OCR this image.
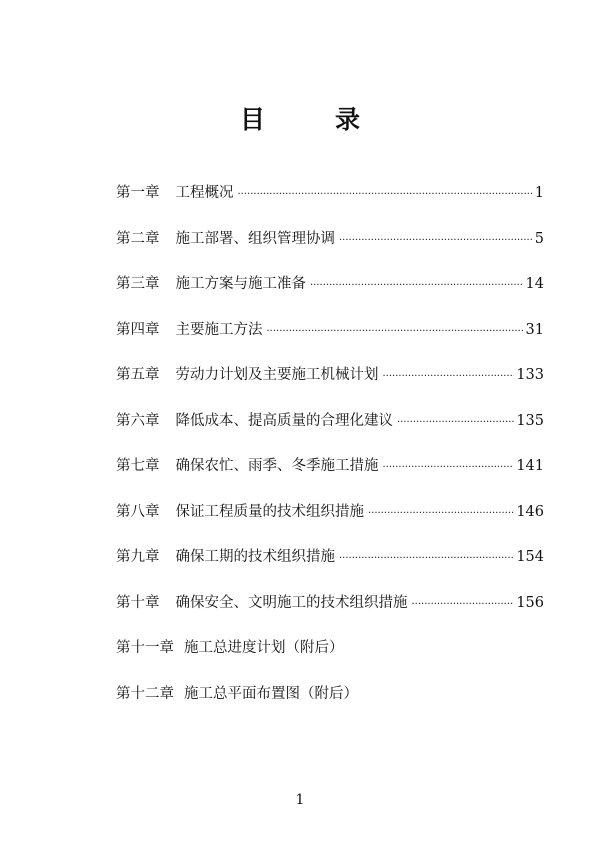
目	录
第一章 工程概况 ·····	1
第二章 施工部署、组织管理协调 ·····	5
第三章 施工方案与施工准备 ·····	14
第四章 主要施工方法 ·····	31
第五章 劳动力计划及主要施工机械计划 ·····	133
第六章 降低成本、提高质量的合理化建议 ·····	135
第七章 确保农忙、雨季、冬季施工措施 ·····	141
第八章 保证工程质量的技术组织措施 ·····	146
第九章 确保工期的技术组织措施 ·····	154
第十章 确保安全、文明施工的技术组织措施 ·····	156
第十一章 施工总进度计划（附后）
第十二章 施工总平面布置图（附后）
1
